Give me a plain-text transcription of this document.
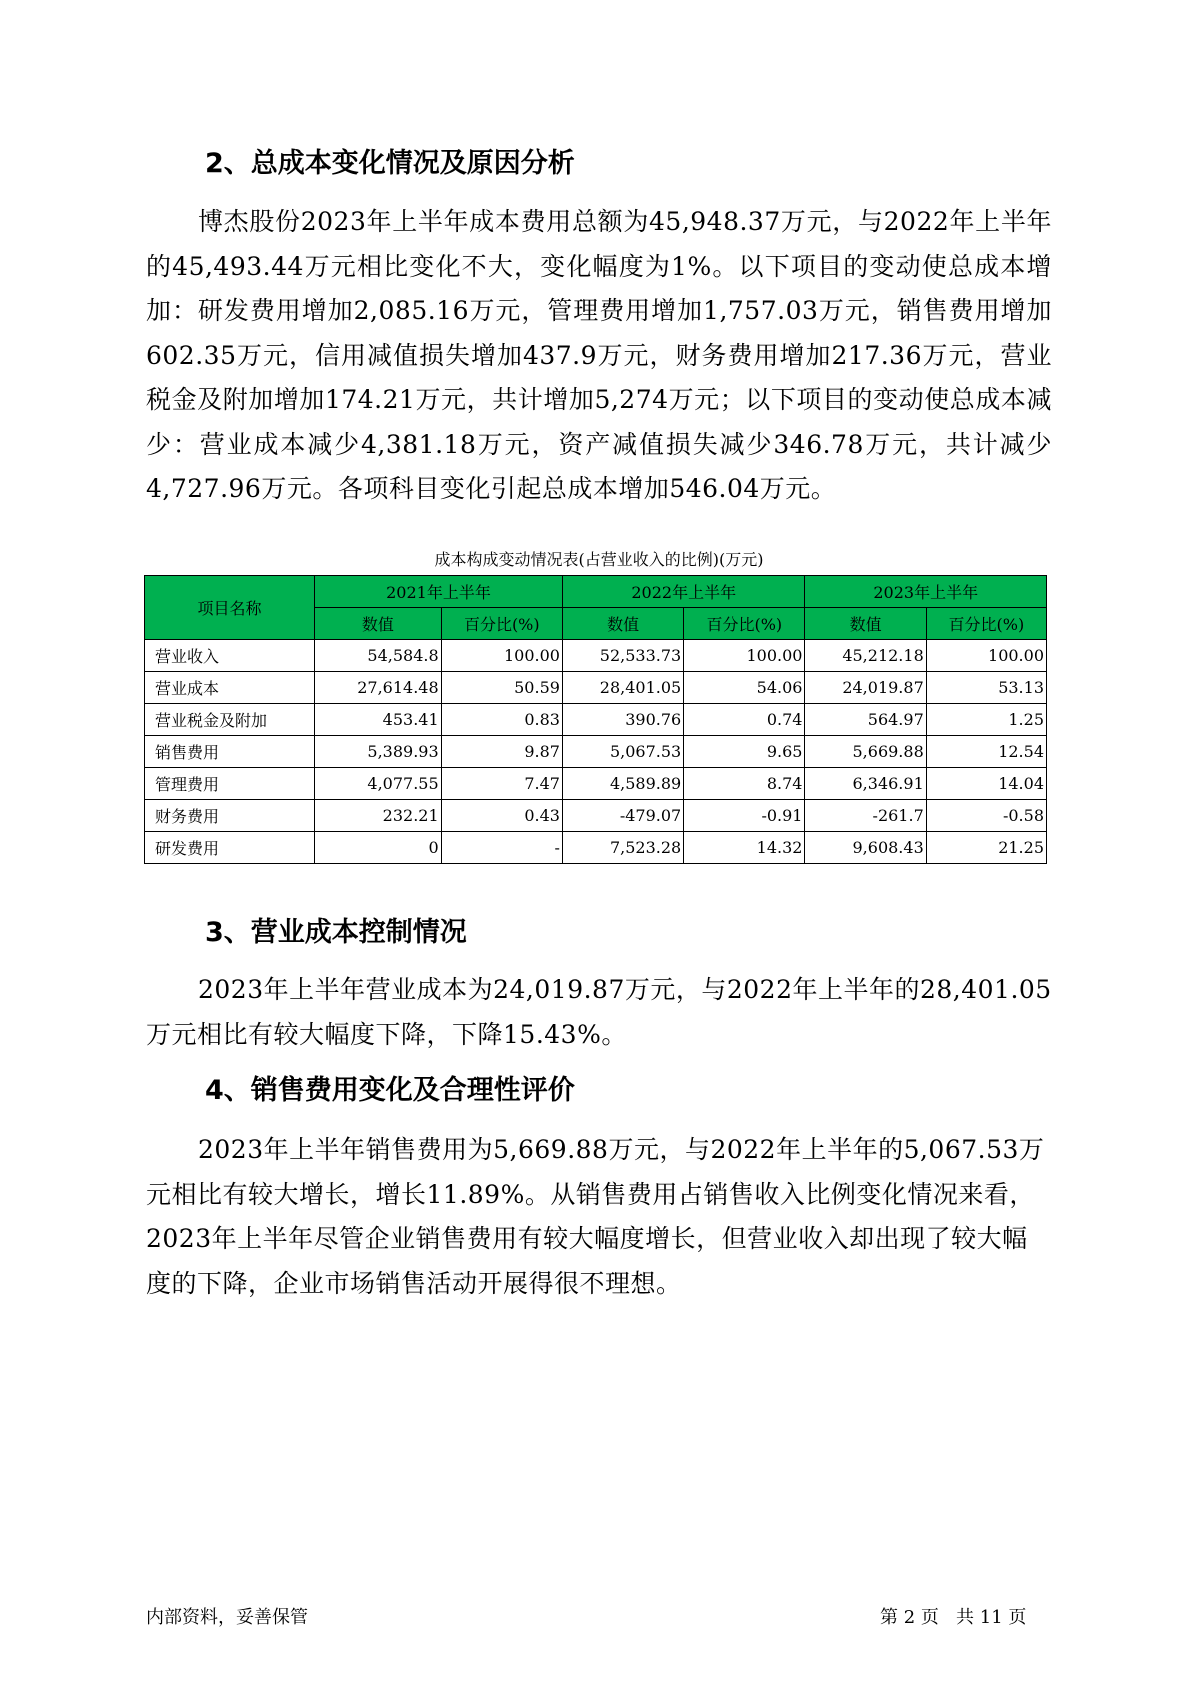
2、总成本变化情况及原因分析

博杰股份2023年上半年成本费用总额为45,948.37万元，与2022年上半年的45,493.44万元相比变化不大，变化幅度为1%。以下项目的变动使总成本增加：研发费用增加2,085.16万元，管理费用增加1,757.03万元，销售费用增加602.35万元，信用减值损失增加437.9万元，财务费用增加217.36万元，营业税金及附加增加174.21万元，共计增加5,274万元；以下项目的变动使总成本减少：营业成本减少4,381.18万元，资产减值损失减少346.78万元，共计减少4,727.96万元。各项科目变化引起总成本增加546.04万元。

成本构成变动情况表(占营业收入的比例)(万元)
项目名称	2021年上半年		2022年上半年		2023年上半年	
	数值	百分比(%)	数值	百分比(%)	数值	百分比(%)
营业收入	54,584.8	100.00	52,533.73	100.00	45,212.18	100.00
营业成本	27,614.48	50.59	28,401.05	54.06	24,019.87	53.13
营业税金及附加	453.41	0.83	390.76	0.74	564.97	1.25
销售费用	5,389.93	9.87	5,067.53	9.65	5,669.88	12.54
管理费用	4,077.55	7.47	4,589.89	8.74	6,346.91	14.04
财务费用	232.21	0.43	-479.07	-0.91	-261.7	-0.58
研发费用	0	-	7,523.28	14.32	9,608.43	21.25
3、营业成本控制情况

2023年上半年营业成本为24,019.87万元，与2022年上半年的28,401.05万元相比有较大幅度下降，下降15.43%。

4、销售费用变化及合理性评价

2023年上半年销售费用为5,669.88万元，与2022年上半年的5,067.53万元相比有较大增长，增长11.89%。从销售费用占销售收入比例变化情况来看，2023年上半年尽管企业销售费用有较大幅度增长，但营业收入却出现了较大幅度的下降，企业市场销售活动开展得很不理想。

内部资料，妥善保管	第 2 页   共 11 页
